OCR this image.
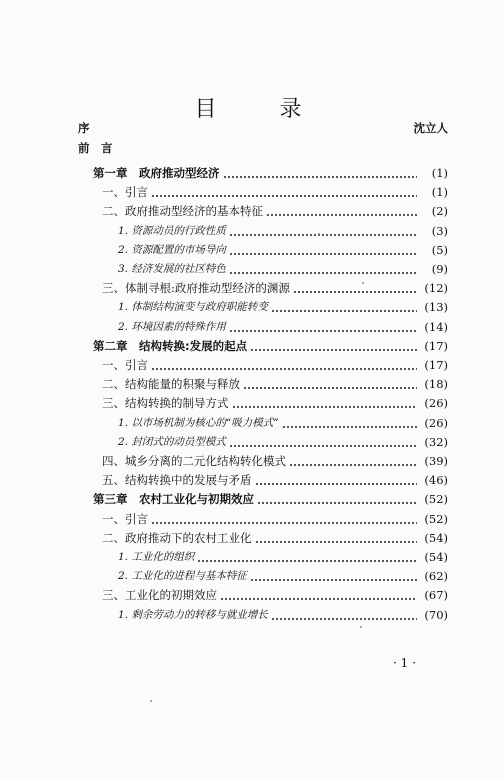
目 录
序	沈立人
前　言
第一章　政府推动型经济	(1)
一、引言	(1)
二、政府推动型经济的基本特征	(2)
1. 资源动员的行政性质	(3)
2. 资源配置的市场导向	(5)
3. 经济发展的社区特色	(9)
三、体制寻根:政府推动型经济的渊源	(12)
1. 体制结构演变与政府职能转变	(13)
2. 环境因素的特殊作用	(14)
第二章　结构转换:发展的起点	(17)
一、引言	(17)
二、结构能量的积聚与释放	(18)
三、结构转换的制导方式	(26)
1. 以市场机制为核心的“吸力模式”	(26)
2. 封闭式的动员型模式	(32)
四、城乡分离的二元化结构转化模式	(39)
五、结构转换中的发展与矛盾	(46)
第三章　农村工业化与初期效应	(52)
一、引言	(52)
二、政府推动下的农村工业化	(54)
1. 工业化的组织	(54)
2. 工业化的进程与基本特征	(62)
三、工业化的初期效应	(67)
1. 剩余劳动力的转移与就业增长	(70)
· 1 ·
